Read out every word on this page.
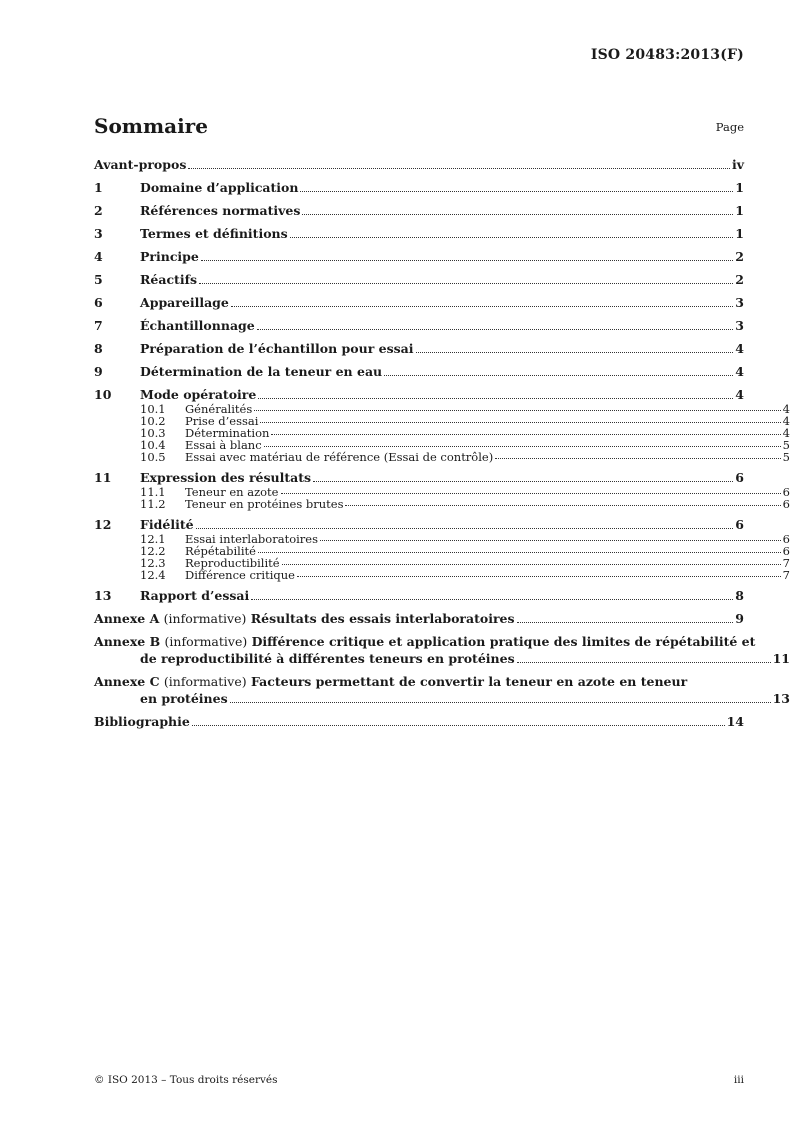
ISO 20483:2013(F)
Sommaire	Page
Avant-propos	iv
1	Domaine d’application	1
2	Références normatives	1
3	Termes et définitions	1
4	Principe	2
5	Réactifs	2
6	Appareillage	3
7	Échantillonnage	3
8	Préparation de l’échantillon pour essai	4
9	Détermination de la teneur en eau	4
10	Mode opératoire	4
10.1	Généralités	4
10.2	Prise d’essai	4
10.3	Détermination	4
10.4	Essai à blanc	5
10.5	Essai avec matériau de référence (Essai de contrôle)	5
11	Expression des résultats	6
11.1	Teneur en azote	6
11.2	Teneur en protéines brutes	6
12	Fidélité	6
12.1	Essai interlaboratoires	6
12.2	Répétabilité	6
12.3	Reproductibilité	7
12.4	Différence critique	7
13	Rapport d’essai	8
Annexe A (informative) Résultats des essais interlaboratoires	9
Annexe B (informative) Différence critique et application pratique des limites de répétabilité et
de reproductibilité à différentes teneurs en protéines	11
Annexe C (informative) Facteurs permettant de convertir la teneur en azote en teneur
en protéines	13
Bibliographie	14
© ISO 2013 – Tous droits réservés	iii
